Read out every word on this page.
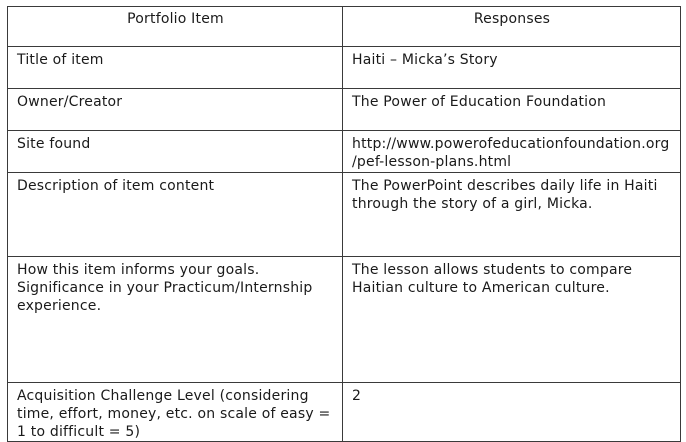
Portfolio Item	Responses
Title of item	Haiti – Micka’s Story
Owner/Creator	The Power of Education Foundation
Site found	http://www.powerofeducationfoundation.org/pef-lesson-plans.html
Description of item content	The PowerPoint describes daily life in Haiti through the story of a girl, Micka.
How this item informs your goals. Significance in your Practicum/Internship experience.	The lesson allows students to compare Haitian culture to American culture.
Acquisition Challenge Level (considering time, effort, money, etc. on scale of easy = 1 to difficult = 5)	2
